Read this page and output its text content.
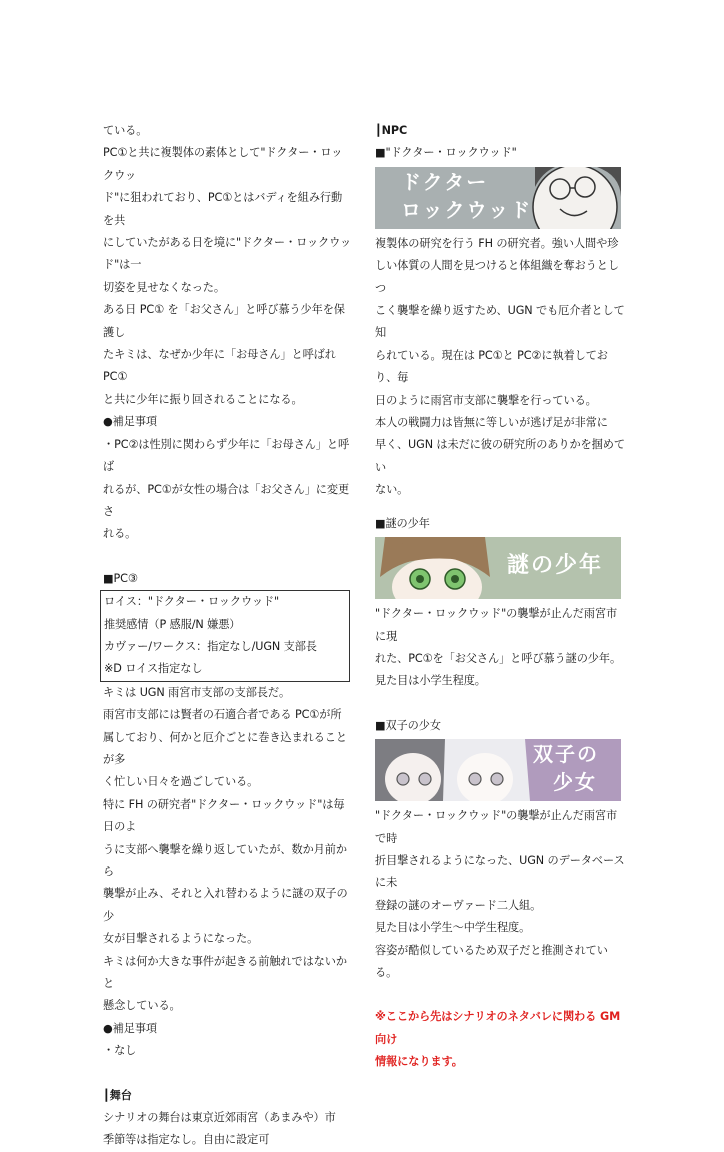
ている。

PC①と共に複製体の素体として"ドクター・ロックウッ

ド"に狙われており、PC①とはバディを組み行動を共

にしていたがある日を境に"ドクター・ロックウッド"は一

切姿を見せなくなった。

ある日 PC① を「お父さん」と呼び慕う少年を保護し

たキミは、なぜか少年に「お母さん」と呼ばれ PC①

と共に少年に振り回されることになる。

●補足事項

・PC②は性別に関わらず少年に「お母さん」と呼ば

れるが、PC①が女性の場合は「お父さん」に変更さ

れる。

■PC③

ロイス："ドクター・ロックウッド"

推奨感情（P 感服/N 嫌悪）

カヴァー/ワークス：指定なし/UGN 支部長

※D ロイス指定なし

キミは UGN 雨宮市支部の支部長だ。

雨宮市支部には賢者の石適合者である PC①が所

属しており、何かと厄介ごとに巻き込まれることが多

く忙しい日々を過ごしている。

特に FH の研究者"ドクター・ロックウッド"は毎日のよ

うに支部へ襲撃を繰り返していたが、数か月前から

襲撃が止み、それと入れ替わるように謎の双子の少

女が目撃されるようになった。

キミは何か大きな事件が起きる前触れではないかと

懸念している。

●補足事項

・なし

┃舞台

シナリオの舞台は東京近郊雨宮（あまみや）市

季節等は指定なし。自由に設定可

┃NPC

■"ドクター・ロックウッド"

ドクター
ロックウッド

複製体の研究を行う FH の研究者。強い人間や珍

しい体質の人間を見つけると体組織を奪おうとしつ

こく襲撃を繰り返すため、UGN でも厄介者として知

られている。現在は PC①と PC②に執着しており、毎

日のように雨宮市支部に襲撃を行っている。

本人の戦闘力は皆無に等しいが逃げ足が非常に

早く、UGN は未だに彼の研究所のありかを掴めてい

ない。

■謎の少年

謎の少年

"ドクター・ロックウッド"の襲撃が止んだ雨宮市に現

れた、PC①を「お父さん」と呼び慕う謎の少年。

見た目は小学生程度。

■双子の少女

双子の
少女

"ドクター・ロックウッド"の襲撃が止んだ雨宮市で時

折目撃されるようになった、UGN のデータベースに未

登録の謎のオーヴァード二人組。

見た目は小学生～中学生程度。

容姿が酷似しているため双子だと推測されている。

※ここから先はシナリオのネタバレに関わる GM 向け

情報になります。
